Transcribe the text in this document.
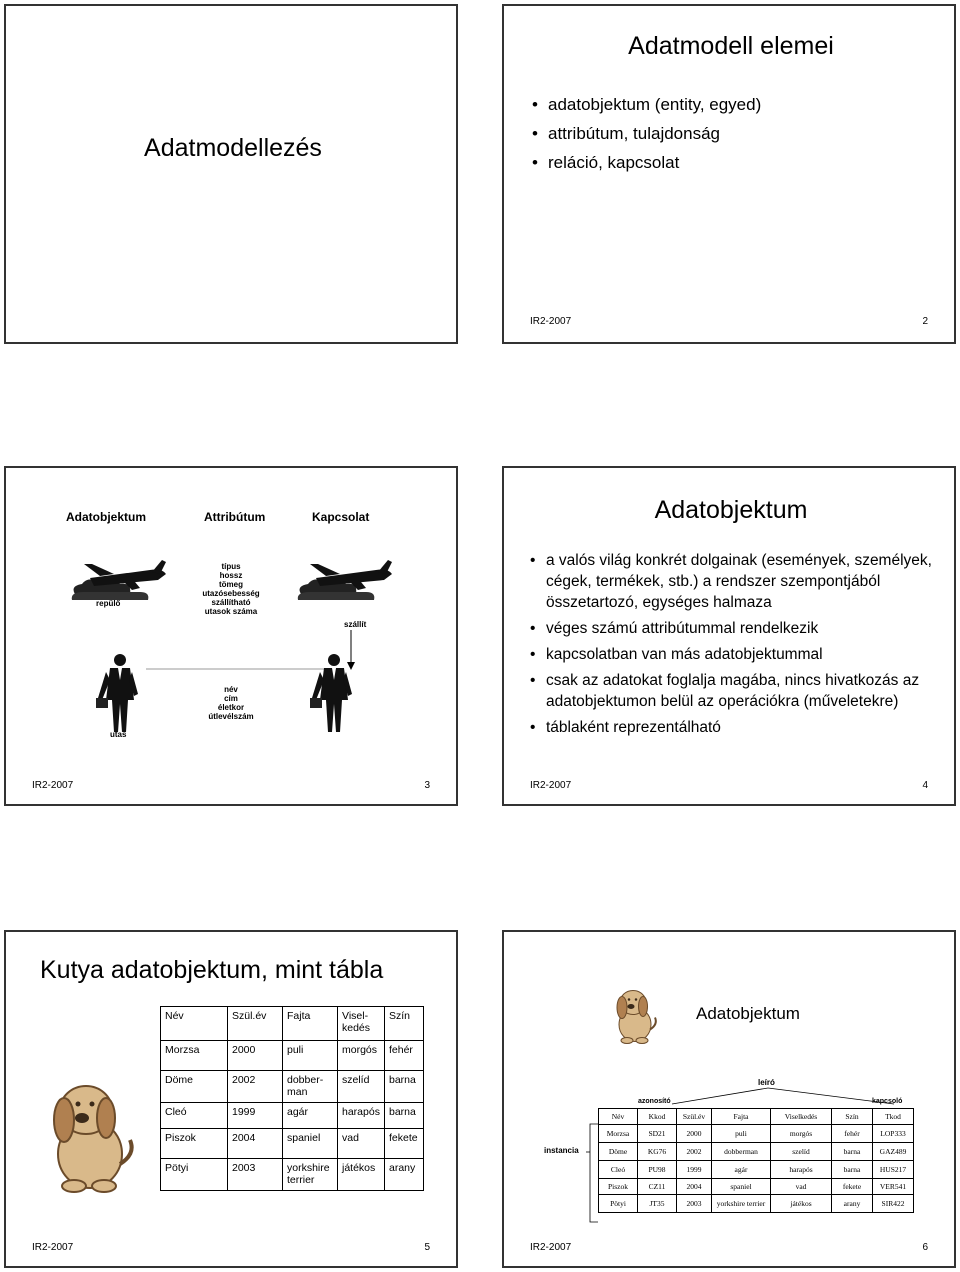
Adatmodellezés
Adatmodell elemei
• adatobjektum (entity, egyed)
• attribútum, tulajdonság
• reláció, kapcsolat
IR2-2007	2
Adatobjektum	Attribútum	Kapcsolat
repülő
típus
hossz
tömeg
utazósebesség
szállítható
utasok száma
szállít
utas
név
cím
életkor
útlevélszám
IR2-2007	3
Adatobjektum
• a valós világ konkrét dolgainak (események, személyek, cégek, termékek, stb.) a rendszer szempontjából összetartozó, egységes halmaza
• véges számú attribútummal rendelkezik
• kapcsolatban van más adatobjektummal
• csak az adatokat foglalja magába, nincs hivatkozás az adatobjektumon belül az operációkra (műveletekre)
• táblaként reprezentálható
IR2-2007	4
Kutya adatobjektum, mint tábla
Név	Szül.év	Fajta	Visel-kedés	Szín
Morzsa	2000	puli	morgós	fehér
Döme	2002	dobber-man	szelíd	barna
Cleó	1999	agár	harapós	barna
Piszok	2004	spaniel	vad	fekete
Pötyi	2003	yorkshire terrier	játékos	arany
IR2-2007	5
Adatobjektum
leíró
azonosító	kapcsoló
instancia
Név	Kkod	Szül.év	Fajta	Viselkedés	Szín	Tkod
Morzsa	SD21	2000	puli	morgós	fehér	LOP333
Döme	KG76	2002	dobberman	szelíd	barna	GAZ489
Cleó	PU98	1999	agár	harapós	barna	HUS217
Piszok	CZ11	2004	spaniel	vad	fekete	VER541
Pötyi	JT35	2003	yorkshire terrier	játékos	arany	SIR422
IR2-2007	6
